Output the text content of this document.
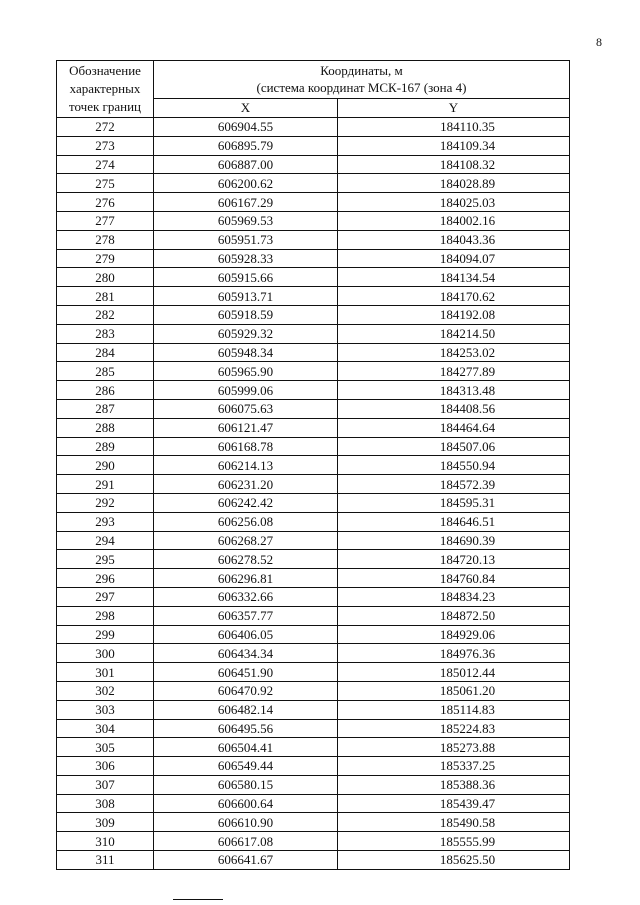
8
Обозначение
характерных
точек границ	Координаты, м
(система координат МСК-167 (зона 4)	

	X	Y
272	606904.55	184110.35
273	606895.79	184109.34
274	606887.00	184108.32
275	606200.62	184028.89
276	606167.29	184025.03
277	605969.53	184002.16
278	605951.73	184043.36
279	605928.33	184094.07
280	605915.66	184134.54
281	605913.71	184170.62
282	605918.59	184192.08
283	605929.32	184214.50
284	605948.34	184253.02
285	605965.90	184277.89
286	605999.06	184313.48
287	606075.63	184408.56
288	606121.47	184464.64
289	606168.78	184507.06
290	606214.13	184550.94
291	606231.20	184572.39
292	606242.42	184595.31
293	606256.08	184646.51
294	606268.27	184690.39
295	606278.52	184720.13
296	606296.81	184760.84
297	606332.66	184834.23
298	606357.77	184872.50
299	606406.05	184929.06
300	606434.34	184976.36
301	606451.90	185012.44
302	606470.92	185061.20
303	606482.14	185114.83
304	606495.56	185224.83
305	606504.41	185273.88
306	606549.44	185337.25
307	606580.15	185388.36
308	606600.64	185439.47
309	606610.90	185490.58
310	606617.08	185555.99
311	606641.67	185625.50
